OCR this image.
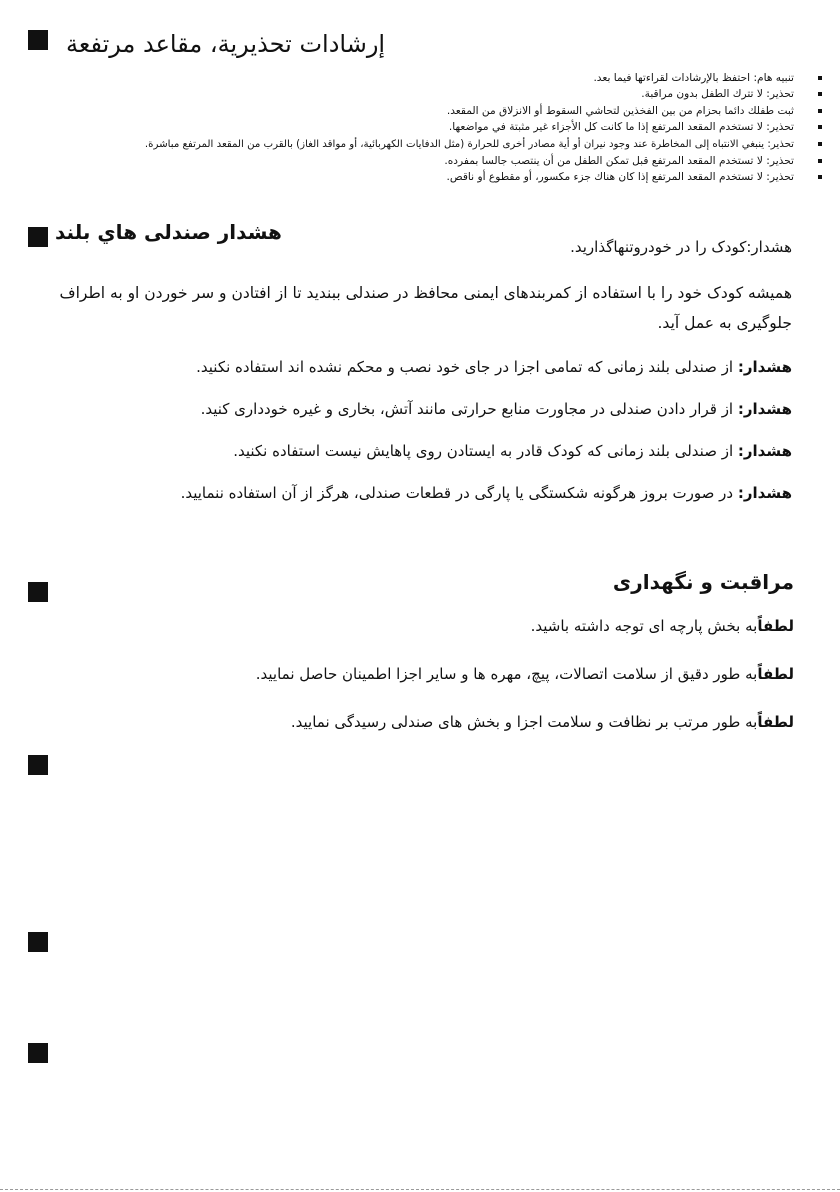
إرشادات تحذيرية، مقاعد مرتفعة
تنبيه هام: احتفظ بالإرشادات لقراءتها فيما بعد.
تحذير: لا تترك الطفل بدون مراقبة.
ثبت طفلك دائما بحزام من بين الفخذين لتحاشي السقوط أو الانزلاق من المقعد.
تحذير: لا تستخدم المقعد المرتفع إذا ما كانت كل الأجزاء غير مثبتة في مواضعها.
تحذير: ينبغي الانتباه إلى المخاطرة عند وجود نيران أو أية مصادر أخرى للحرارة (مثل الدفايات الكهربائية، أو مواقد الغاز) بالقرب من المقعد المرتفع مباشرة.
تحذير: لا تستخدم المقعد المرتفع قبل تمكن الطفل من أن ينتصب جالسا بمفرده.
تحذير: لا تستخدم المقعد المرتفع إذا كان هناك جزء مكسور، أو مقطوع أو ناقص.
هشدار صندلی هاي بلند
هشدار:کودک را در خودروتنهاگذاريد.
هميشه کودک خود را با استفاده از کمربندهای ايمنی محافظ در صندلی ببنديد تا از افتادن و سر خوردن او به اطراف جلوگيری به عمل آيد.
هشدار: از صندلی بلند زمانی که تمامی اجزا در جای خود نصب و محکم نشده اند استفاده نکنيد.
هشدار: از قرار دادن صندلی در مجاورت منابع حرارتی مانند آتش، بخاری و غيره خودداری کنيد.
هشدار: از صندلی بلند زمانی که کودک قادر به ايستادن روی پاهايش نيست استفاده نکنيد.
هشدار: در صورت بروز هرگونه شکستگی يا پارگی در قطعات صندلی، هرگز از آن استفاده ننماييد.
مراقبت و نگهداری
لطفاًبه بخش پارچه ای توجه داشته باشيد.
لطفاًبه طور دقيق از سلامت اتصالات، پيچ، مهره ها و ساير اجزا اطمينان حاصل نماييد.
لطفاًبه طور مرتب بر نظافت و سلامت اجزا و بخش های صندلی رسيدگی نماييد.
